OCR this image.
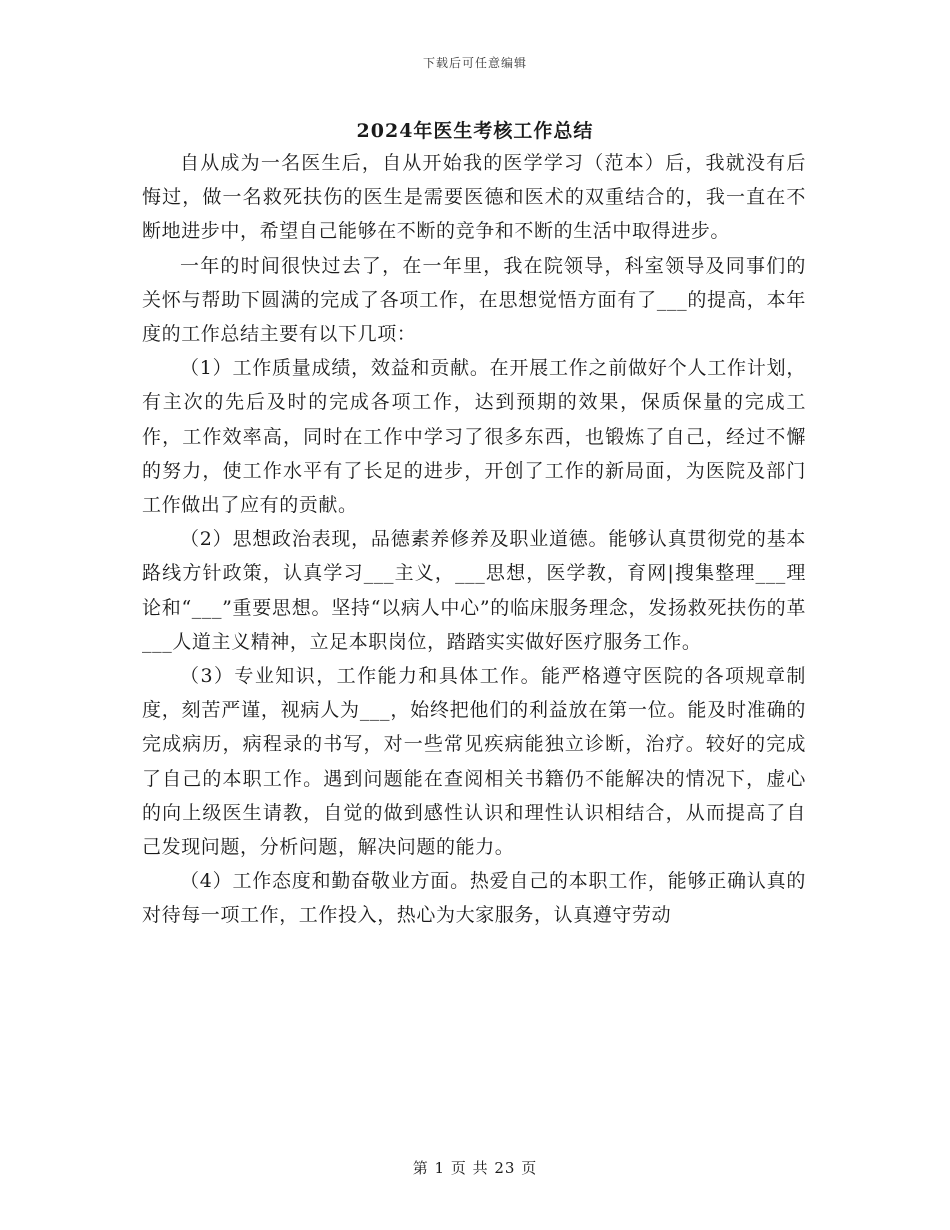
下载后可任意编辑
2024年医生考核工作总结

自从成为一名医生后，自从开始我的医学学习（范本）后，我就没有后悔过，做一名救死扶伤的医生是需要医德和医术的双重结合的，我一直在不断地进步中，希望自己能够在不断的竞争和不断的生活中取得进步。

一年的时间很快过去了，在一年里，我在院领导，科室领导及同事们的关怀与帮助下圆满的完成了各项工作，在思想觉悟方面有了___的提高，本年度的工作总结主要有以下几项：

（1）工作质量成绩，效益和贡献。在开展工作之前做好个人工作计划，有主次的先后及时的完成各项工作，达到预期的效果，保质保量的完成工作，工作效率高，同时在工作中学习了很多东西，也锻炼了自己，经过不懈的努力，使工作水平有了长足的进步，开创了工作的新局面，为医院及部门工作做出了应有的贡献。

（2）思想政治表现，品德素养修养及职业道德。能够认真贯彻党的基本路线方针政策，认真学习___主义，___思想，医学教，育网|搜集整理___理论和“___”重要思想。坚持“以病人中心”的临床服务理念，发扬救死扶伤的革___人道主义精神，立足本职岗位，踏踏实实做好医疗服务工作。

（3）专业知识，工作能力和具体工作。能严格遵守医院的各项规章制度，刻苦严谨，视病人为___，始终把他们的利益放在第一位。能及时准确的完成病历，病程录的书写，对一些常见疾病能独立诊断，治疗。较好的完成了自己的本职工作。遇到问题能在查阅相关书籍仍不能解决的情况下，虚心的向上级医生请教，自觉的做到感性认识和理性认识相结合，从而提高了自己发现问题，分析问题，解决问题的能力。

（4）工作态度和勤奋敬业方面。热爱自己的本职工作，能够正确认真的对待每一项工作，工作投入，热心为大家服务，认真遵守劳动

第 1 页 共 23 页
